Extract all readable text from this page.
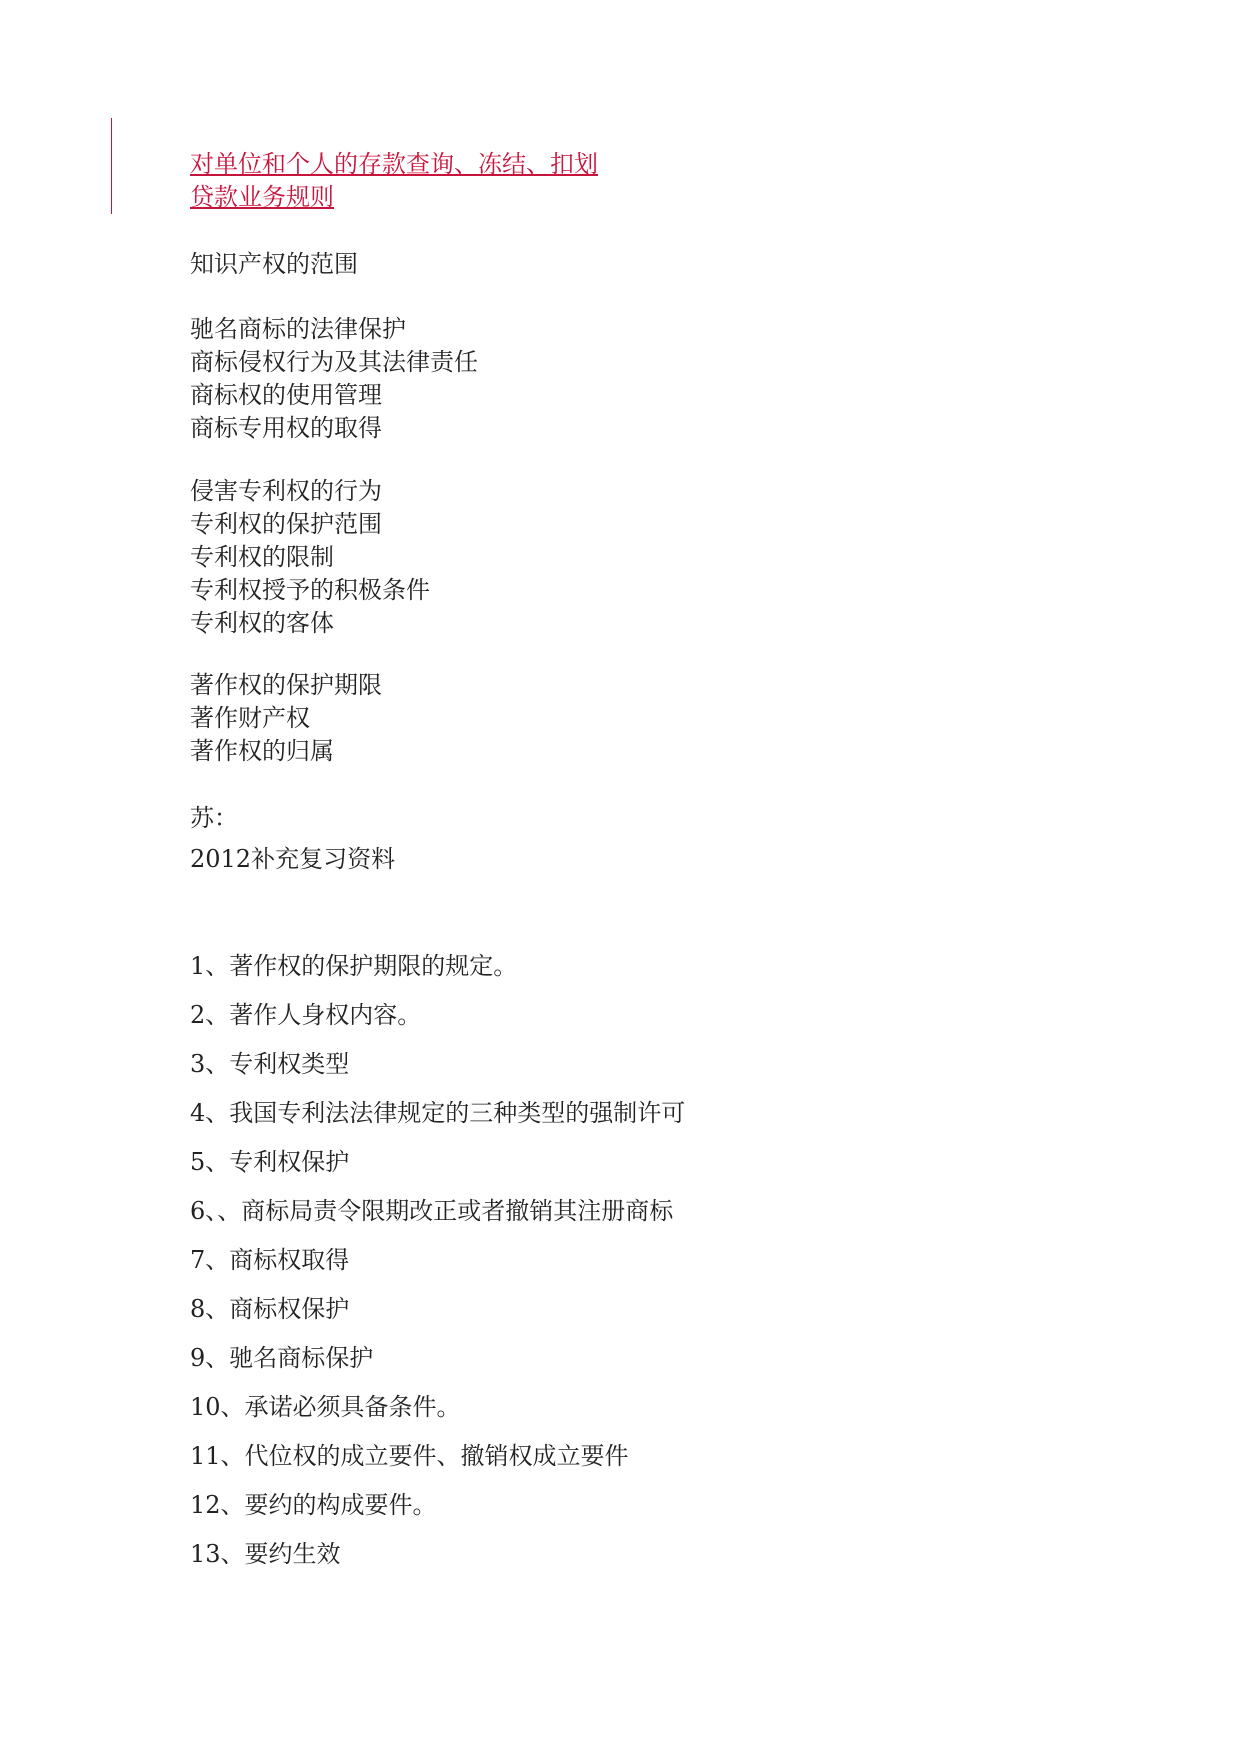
对单位和个人的存款查询、冻结、扣划
贷款业务规则
知识产权的范围
驰名商标的法律保护
商标侵权行为及其法律责任
商标权的使用管理
商标专用权的取得
侵害专利权的行为
专利权的保护范围
专利权的限制
专利权授予的积极条件
专利权的客体
著作权的保护期限
著作财产权
著作权的归属
苏：
2012补充复习资料
1、著作权的保护期限的规定。
2、著作人身权内容。
3、专利权类型
4、我国专利法法律规定的三种类型的强制许可
5、专利权保护
6、、商标局责令限期改正或者撤销其注册商标
7、商标权取得
8、商标权保护
9、驰名商标保护
10、承诺必须具备条件。
11、代位权的成立要件、撤销权成立要件
12、要约的构成要件。
13、要约生效
